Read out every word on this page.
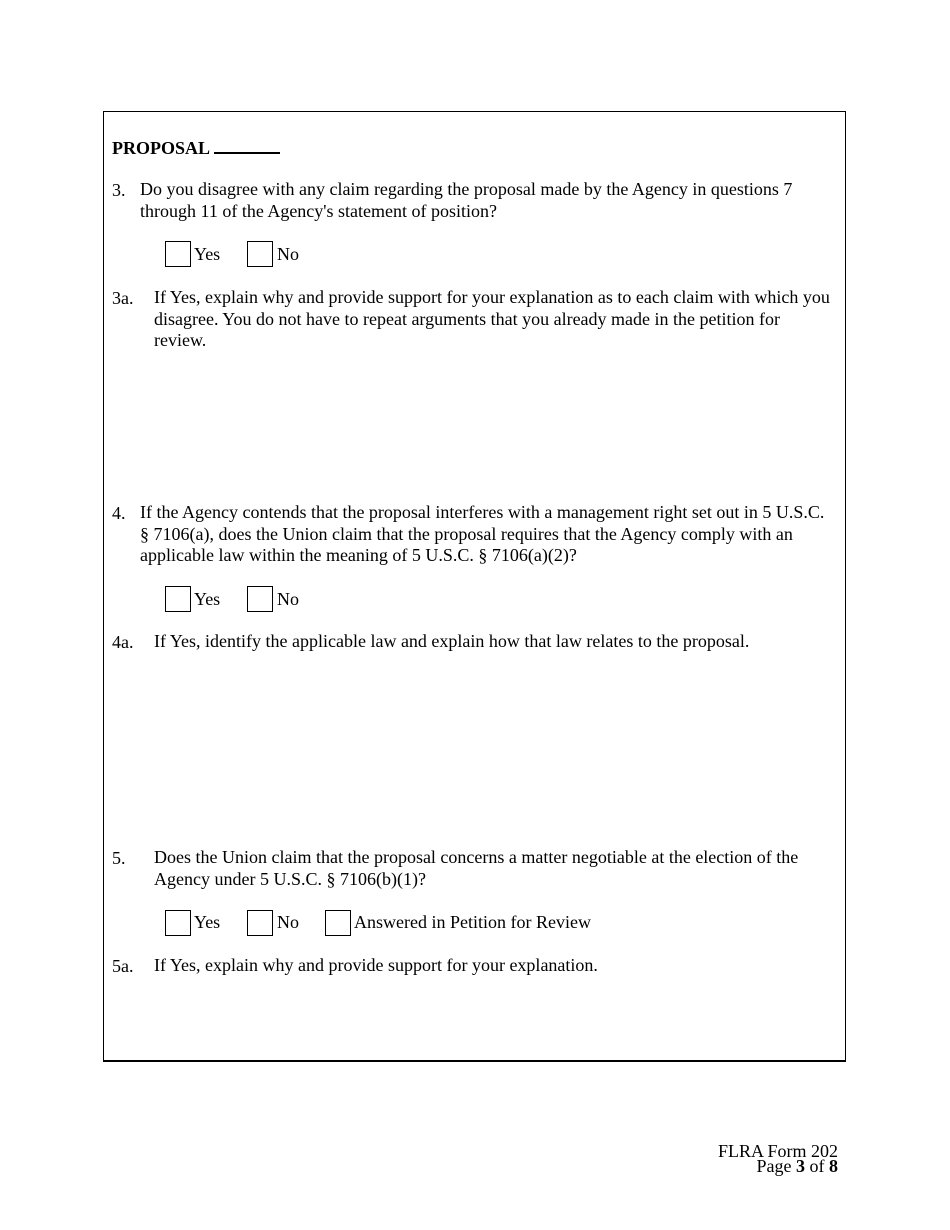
PROPOSAL
3. Do you disagree with any claim regarding the proposal made by the Agency in questions 7 through 11 of the Agency's statement of position?
Yes	No
3a. If Yes, explain why and provide support for your explanation as to each claim with which you disagree. You do not have to repeat arguments that you already made in the petition for review.
4. If the Agency contends that the proposal interferes with a management right set out in 5 U.S.C. § 7106(a), does the Union claim that the proposal requires that the Agency comply with an applicable law within the meaning of 5 U.S.C. § 7106(a)(2)?
Yes	No
4a. If Yes, identify the applicable law and explain how that law relates to the proposal.
5. Does the Union claim that the proposal concerns a matter negotiable at the election of the Agency under 5 U.S.C. § 7106(b)(1)?
Yes	No	Answered in Petition for Review
5a. If Yes, explain why and provide support for your explanation.
FLRA Form 202
Page 3 of 8
